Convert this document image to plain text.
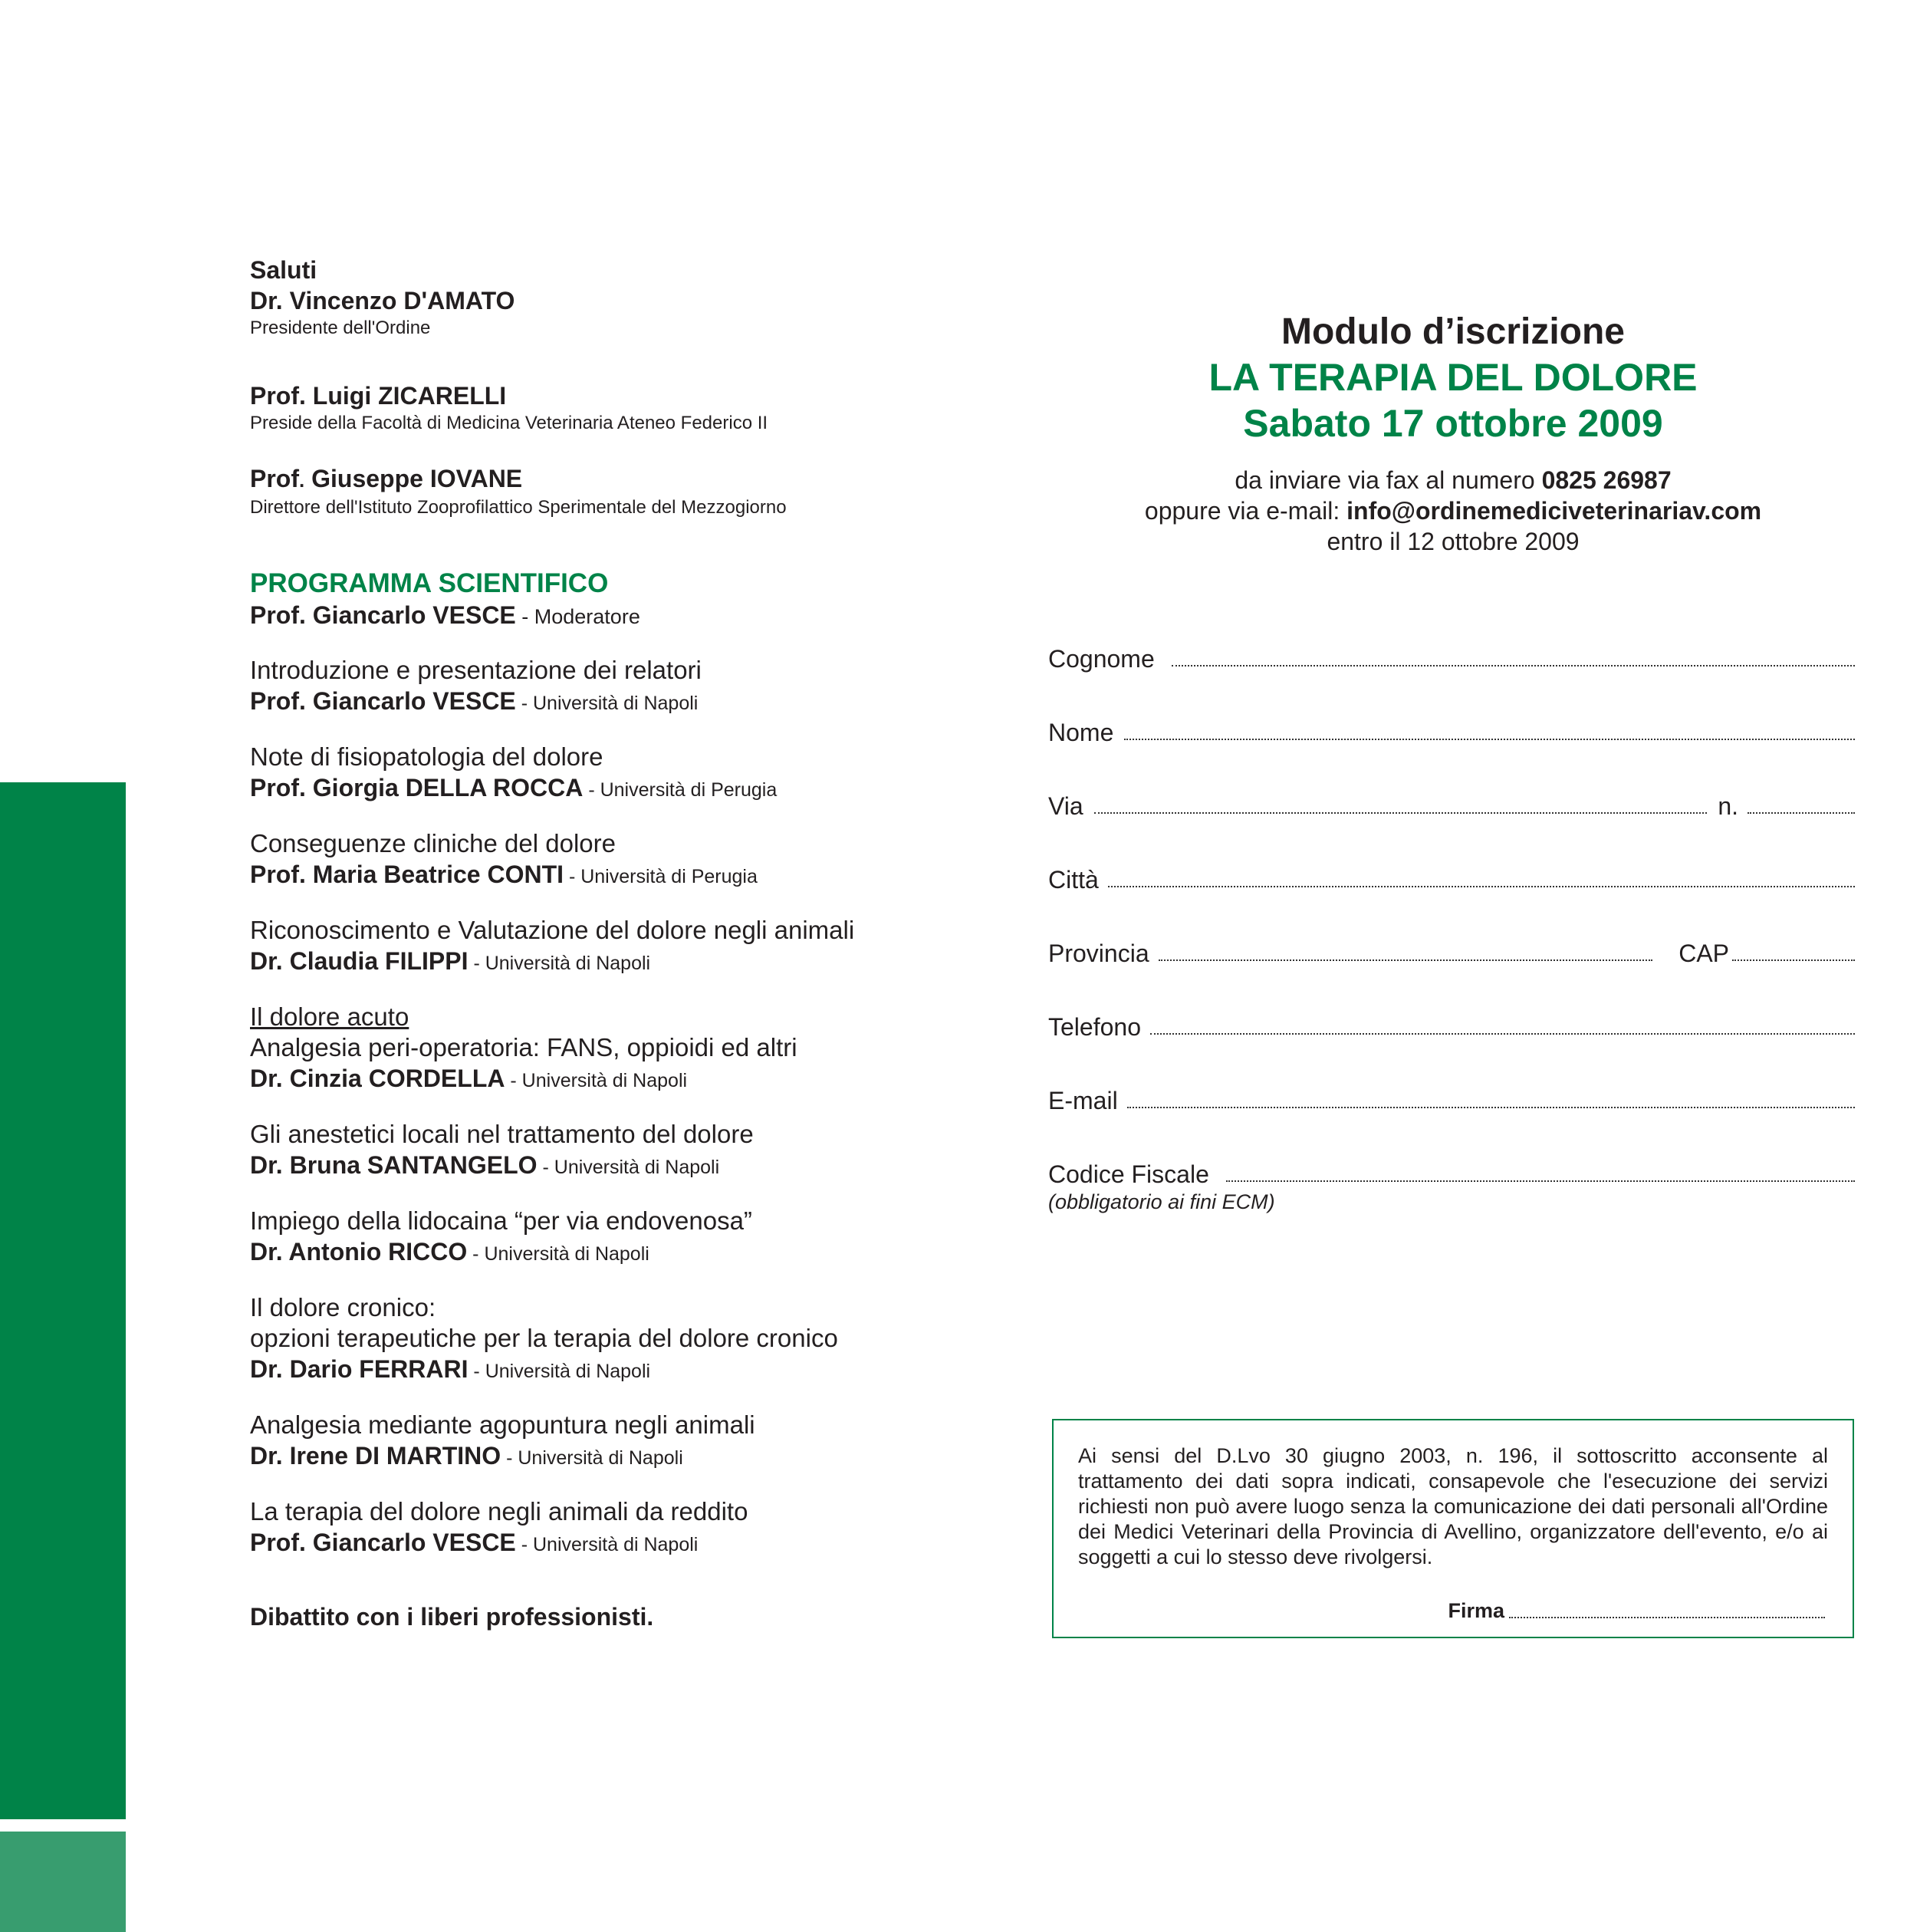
Saluti
Dr. Vincenzo D'AMATO
Presidente dell'Ordine
Prof. Luigi ZICARELLI
Preside della Facoltà di Medicina Veterinaria Ateneo Federico II
Prof. Giuseppe IOVANE
Direttore dell'Istituto Zooprofilattico Sperimentale del Mezzogiorno
PROGRAMMA SCIENTIFICO
Prof. Giancarlo VESCE - Moderatore
Introduzione e presentazione dei relatori
Prof. Giancarlo VESCE - Università di Napoli
Note di fisiopatologia del dolore
Prof. Giorgia DELLA ROCCA - Università di Perugia
Conseguenze cliniche del dolore
Prof. Maria Beatrice CONTI - Università di Perugia
Riconoscimento e Valutazione del dolore negli animali
Dr. Claudia FILIPPI - Università di Napoli
Il dolore acuto
Analgesia peri-operatoria: FANS, oppioidi ed altri
Dr. Cinzia CORDELLA - Università di Napoli
Gli anestetici locali nel trattamento del dolore
Dr. Bruna SANTANGELO - Università di Napoli
Impiego della lidocaina “per via endovenosa”
Dr. Antonio RICCO - Università di Napoli
Il dolore cronico:
opzioni terapeutiche per la terapia del dolore cronico
Dr. Dario FERRARI - Università di Napoli
Analgesia mediante agopuntura negli animali
Dr. Irene DI MARTINO - Università di Napoli
La terapia del dolore negli animali da reddito
Prof. Giancarlo VESCE - Università di Napoli
Dibattito con i liberi professionisti.
Modulo d’iscrizione
LA TERAPIA DEL DOLORE
Sabato 17 ottobre 2009
da inviare via fax al numero 0825 26987
oppure via e-mail: info@ordinemediciveterinariav.com
entro il 12 ottobre 2009
Cognome
Nome
Via	n.
Città
Provincia	CAP
Telefono
E-mail
Codice Fiscale
(obbligatorio ai fini ECM)
Ai sensi del D.Lvo 30 giugno 2003, n. 196, il sottoscritto acconsente al trattamento dei dati sopra indicati, consapevole che l'esecuzione dei servizi richiesti non può avere luogo senza la comunicazione dei dati personali all'Ordine dei Medici Veterinari della Provincia di Avellino, organizzatore dell'evento, e/o ai soggetti a cui lo stesso deve rivolgersi.
Firma
